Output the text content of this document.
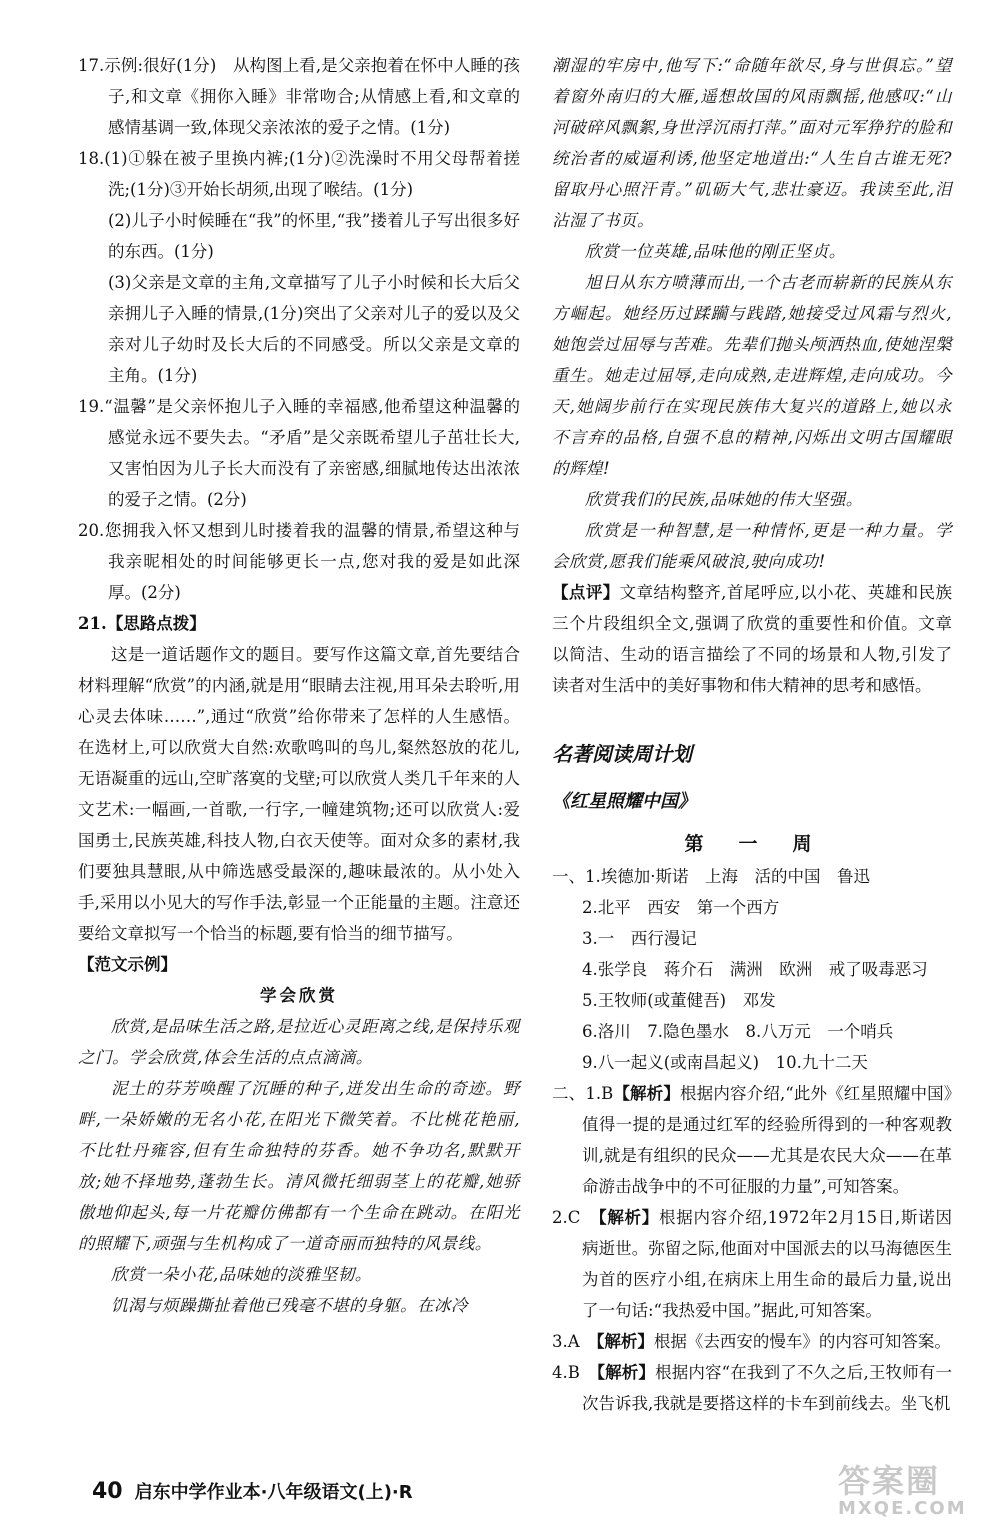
17.示例:很好(1分)　从构图上看,是父亲抱着在怀中人睡的孩子,和文章《拥你入睡》非常吻合;从情感上看,和文章的感情基调一致,体现父亲浓浓的爱子之情。(1分)

18.(1)①躲在被子里换内裤;(1分)②洗澡时不用父母帮着搓洗;(1分)③开始长胡须,出现了喉结。(1分)

(2)儿子小时候睡在“我”的怀里,“我”搂着儿子写出很多好的东西。(1分)

(3)父亲是文章的主角,文章描写了儿子小时候和长大后父亲拥儿子入睡的情景,(1分)突出了父亲对儿子的爱以及父亲对儿子幼时及长大后的不同感受。所以父亲是文章的主角。(1分)

19.“温馨”是父亲怀抱儿子入睡的幸福感,他希望这种温馨的感觉永远不要失去。“矛盾”是父亲既希望儿子茁壮长大,又害怕因为儿子长大而没有了亲密感,细腻地传达出浓浓的爱子之情。(2分)

20.您拥我入怀又想到儿时搂着我的温馨的情景,希望这种与我亲昵相处的时间能够更长一点,您对我的爱是如此深厚。(2分)

21.【思路点拨】

这是一道话题作文的题目。要写作这篇文章,首先要结合材料理解“欣赏”的内涵,就是用“眼睛去注视,用耳朵去聆听,用心灵去体味……”,通过“欣赏”给你带来了怎样的人生感悟。在选材上,可以欣赏大自然:欢歌鸣叫的鸟儿,粲然怒放的花儿,无语凝重的远山,空旷落寞的戈壁;可以欣赏人类几千年来的人文艺术:一幅画,一首歌,一行字,一幢建筑物;还可以欣赏人:爱国勇士,民族英雄,科技人物,白衣天使等。面对众多的素材,我们要独具慧眼,从中筛选感受最深的,趣味最浓的。从小处入手,采用以小见大的写作手法,彰显一个正能量的主题。注意还要给文章拟写一个恰当的标题,要有恰当的细节描写。

【范文示例】

学会欣赏

欣赏,是品味生活之路,是拉近心灵距离之线,是保持乐观之门。学会欣赏,体会生活的点点滴滴。

泥土的芬芳唤醒了沉睡的种子,迸发出生命的奇迹。野畔,一朵娇嫩的无名小花,在阳光下微笑着。不比桃花艳丽,不比牡丹雍容,但有生命独特的芬香。她不争功名,默默开放;她不择地势,蓬勃生长。清风微托细弱茎上的花瓣,她骄傲地仰起头,每一片花瓣仿佛都有一个生命在跳动。在阳光的照耀下,顽强与生机构成了一道奇丽而独特的风景线。

欣赏一朵小花,品味她的淡雅坚韧。

饥渴与烦躁撕扯着他已残毫不堪的身躯。在冰冷

潮湿的牢房中,他写下:“命随年欲尽,身与世俱忘。”望着窗外南归的大雁,遥想故国的风雨飘摇,他感叹:“山河破碎风飘絮,身世浮沉雨打萍。”面对元军狰狞的脸和统治者的威逼利诱,他坚定地道出:“人生自古谁无死?留取丹心照汗青。”矶砺大气,悲壮豪迈。我读至此,泪沾湿了书页。

欣赏一位英雄,品味他的刚正坚贞。

旭日从东方喷薄而出,一个古老而崭新的民族从东方崛起。她经历过蹂躏与践踏,她接受过风霜与烈火,她饱尝过屈辱与苦难。先辈们抛头颅洒热血,使她涅槃重生。她走过屈辱,走向成熟,走进辉煌,走向成功。今天,她阔步前行在实现民族伟大复兴的道路上,她以永不言弃的品格,自强不息的精神,闪烁出文明古国耀眼的辉煌!

欣赏我们的民族,品味她的伟大坚强。

欣赏是一种智慧,是一种情怀,更是一种力量。学会欣赏,愿我们能乘风破浪,驶向成功!

【点评】文章结构整齐,首尾呼应,以小花、英雄和民族三个片段组织全文,强调了欣赏的重要性和价值。文章以简洁、生动的语言描绘了不同的场景和人物,引发了读者对生活中的美好事物和伟大精神的思考和感悟。

名著阅读周计划

《红星照耀中国》

第　一　周

一、1.埃德加·斯诺　上海　活的中国　鲁迅

2.北平　西安　第一个西方

3.一　西行漫记

4.张学良　蒋介石　满洲　欧洲　戒了吸毒恶习

5.王牧师(或董健吾)　邓发

6.洛川　7.隐色墨水　8.八万元　一个哨兵

9.八一起义(或南昌起义)　10.九十二天

二、1.B【解析】根据内容介绍,“此外《红星照耀中国》值得一提的是通过红军的经验所得到的一种客观教训,就是有组织的民众——尤其是农民大众——在革命游击战争中的不可征服的力量”,可知答案。

2.C　 【解析】根据内容介绍,1972年2月15日,斯诺因病逝世。弥留之际,他面对中国派去的以马海德医生为首的医疗小组,在病床上用生命的最后力量,说出了一句话:“我热爱中国。”据此,可知答案。

3.A　 【解析】根据《去西安的慢车》的内容可知答案。

4.B　 【解析】根据内容“在我到了不久之后,王牧师有一次告诉我,我就是要搭这样的卡车到前线去。坐飞机

40 启东中学作业本·八年级语文(上)·R	答案圈
MXQE.COM
